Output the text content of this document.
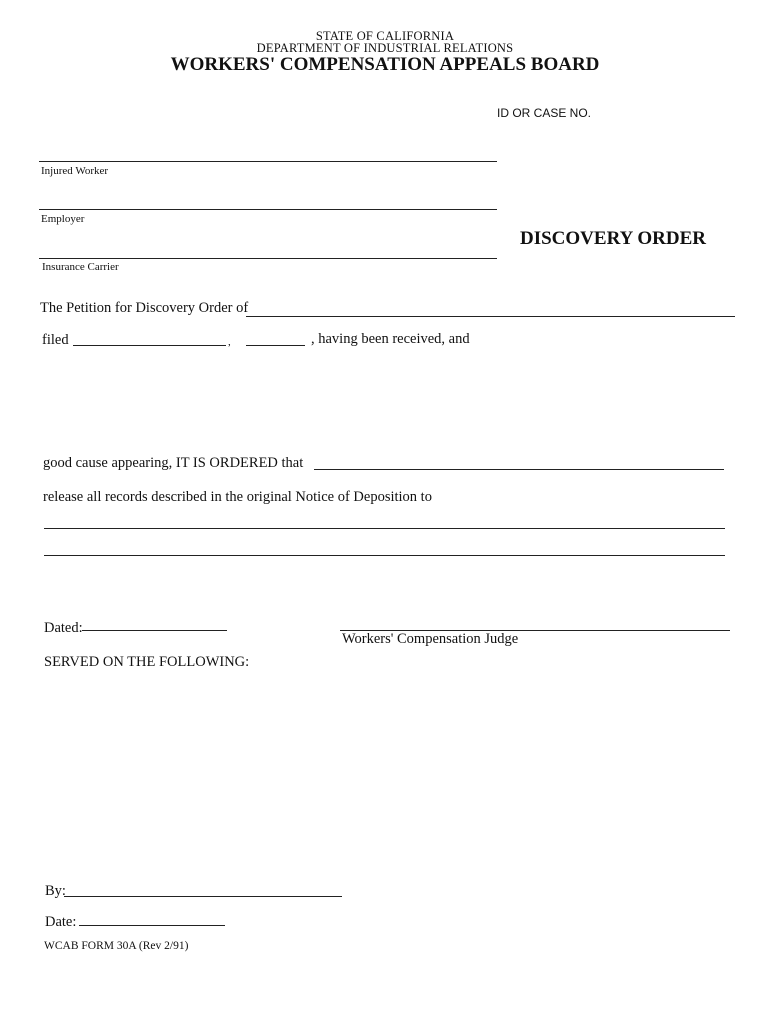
STATE OF CALIFORNIA
DEPARTMENT OF INDUSTRIAL RELATIONS
WORKERS' COMPENSATION APPEALS BOARD
ID OR CASE NO.
Injured Worker
Employer
DISCOVERY ORDER
Insurance Carrier
The Petition for Discovery Order of
filed	,	, having been received, and
good cause appearing, IT IS ORDERED that
release all records described in the original Notice of Deposition to
Dated:
Workers' Compensation Judge
SERVED ON THE FOLLOWING:
By:
Date:
WCAB FORM 30A (Rev 2/91)
